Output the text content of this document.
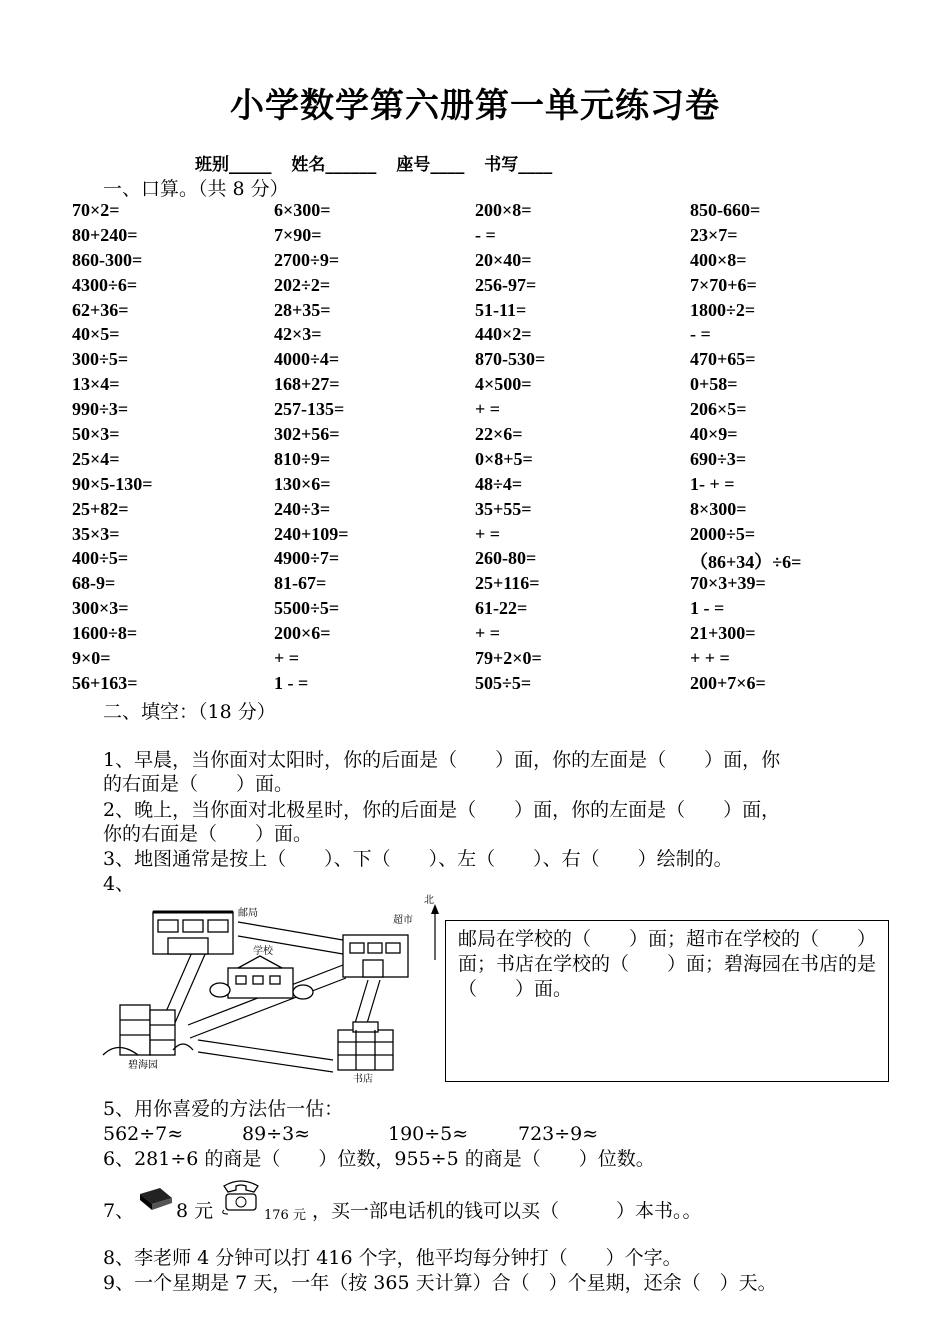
小学数学第六册第一单元练习卷
班别_____ 姓名______ 座号____ 书写____
一、口算。（共 8 分）
70×2=	6×300=	200×8=	850-660=
80+240=	7×90=	- =	23×7=
860-300=	2700÷9=	20×40=	400×8=
4300÷6=	202÷2=	256-97=	7×70+6=
62+36=	28+35=	51-11=	1800÷2=
40×5=	42×3=	440×2=	- =
300÷5=	4000÷4=	870-530=	470+65=
13×4=	168+27=	4×500=	0+58=
990÷3=	257-135=	+ =	206×5=
50×3=	302+56=	22×6=	40×9=
25×4=	810÷9=	0×8+5=	690÷3=
90×5-130=	130×6=	48÷4=	1- + =
25+82=	240÷3=	35+55=	8×300=
35×3=	240+109=	+ =	2000÷5=
400÷5=	4900÷7=	260-80=	（86+34）÷6=
68-9=	81-67=	25+116=	70×3+39=
300×3=	5500÷5=	61-22=	1 - =
1600÷8=	200×6=	+ =	21+300=
9×0=	+ =	79+2×0=	+ + =
56+163=	1 - =	505÷5=	200+7×6=
二、填空：（18 分）
1、早晨，当你面对太阳时，你的后面是（　　）面，你的左面是（　　）面，你
的右面是（　　）面。
2、晚上，当你面对北极星时，你的后面是（　　）面，你的左面是（　　）面，
你的右面是（　　）面。
3、地图通常是按上（　　）、下（　　）、左（　　）、右（　　）绘制的。
4、
邮局
超市
学校
碧海园
书店
北
邮局在学校的（　　）面；超市在学校的（　　）面；书店在学校的（　　）面；碧海园在书店的是（　　）面。
5、用你喜爱的方法估一估：
562÷7≈	89÷3≈	190÷5≈	723÷9≈
6、281÷6 的商是（　　）位数，955÷5 的商是（　　）位数。
7、 8 元	176 元 ，买一部电话机的钱可以买（　　　）本书。。
8、李老师 4 分钟可以打 416 个字，他平均每分钟打（　　）个字。
9、一个星期是 7 天，一年（按 365 天计算）合（　）个星期，还余（　）天。
